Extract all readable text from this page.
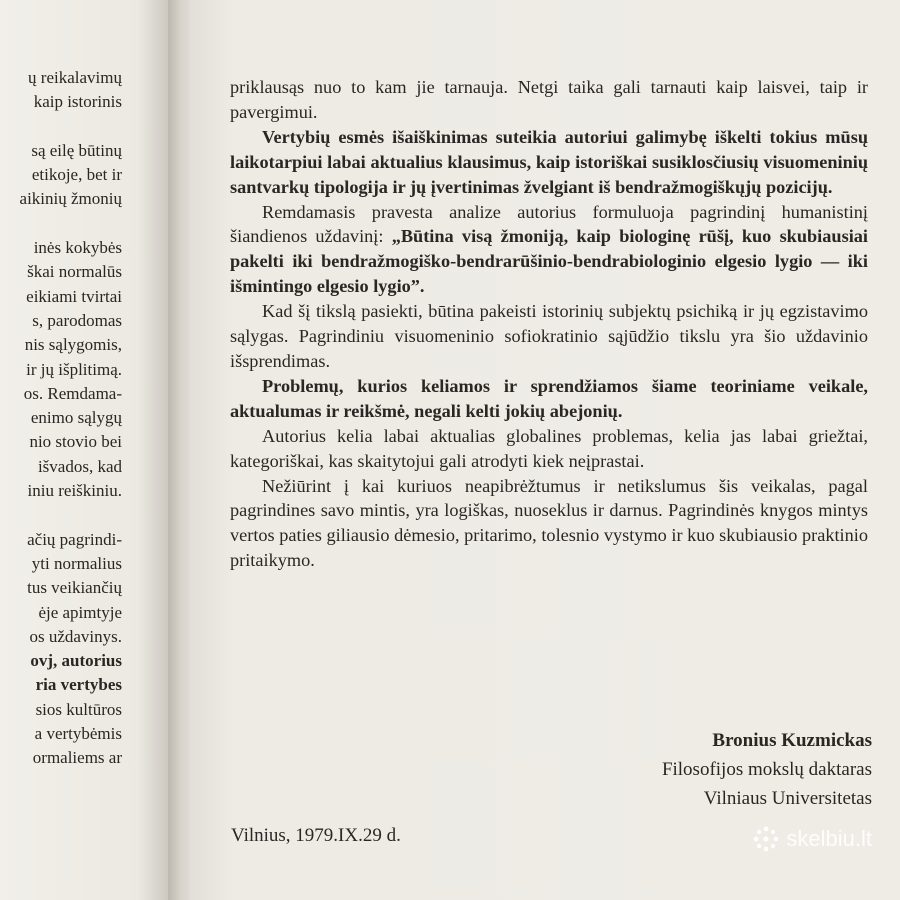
ų reikalavimų
kaip istorinis
są eilę būtinų
etikoje, bet ir
aikinių žmonių
inės kokybės
škai normalūs
eikiami tvirtai
s, parodomas
nis sąlygomis,
ir jų išplitimą.
os. Remdama-
enimo sąlygų
nio stovio bei
išvados, kad
iniu reiškiniu.
ačių pagrindi-
yti normalius
tus veikiančių
ėje apimtyje
os uždavinys.
ovj, autorius
ria vertybes
sios kultūros
a vertybėmis
ormaliems ar

priklausąs nuo to kam jie tarnauja. Netgi taika gali tarnauti kaip laisvei, taip ir pavergimui.

Vertybių esmės išaiškinimas suteikia autoriui galimybę iškelti tokius mūsų laikotarpiui labai aktualius klausimus, kaip istoriškai susiklosčiusių visuomeninių santvarkų tipologija ir jų įvertinimas žvelgiant iš bendražmogiškųjų pozicijų.

Remdamasis pravesta analize autorius formuluoja pagrindinį humanistinį šiandienos uždavinį: „Būtina visą žmoniją, kaip biologinę rūšį, kuo skubiausiai pakelti iki bendražmogiško-bendrarūšinio-bendrabiologinio elgesio lygio — iki išmintingo elgesio lygio”.

Kad šį tikslą pasiekti, būtina pakeisti istorinių subjektų psichiką ir jų egzistavimo sąlygas. Pagrindiniu visuomeninio sofiokratinio sąjūdžio tikslu yra šio uždavinio išsprendimas.

Problemų, kurios keliamos ir sprendžiamos šiame teoriniame veikale, aktualumas ir reikšmė, negali kelti jokių abejonių.

Autorius kelia labai aktualias globalines problemas, kelia jas labai griežtai, kategoriškai, kas skaitytojui gali atrodyti kiek neįprastai.

Nežiūrint į kai kuriuos neapibrėžtumus ir netikslumus šis veikalas, pagal pagrindines savo mintis, yra logiškas, nuoseklus ir darnus. Pagrindinės knygos mintys vertos paties giliausio dėmesio, pritarimo, tolesnio vystymo ir kuo skubiausio praktinio pritaikymo.

Bronius Kuzmickas
Filosofijos mokslų daktaras
Vilniaus Universitetas
Vilnius, 1979.IX.29 d.	skelbiu.lt
